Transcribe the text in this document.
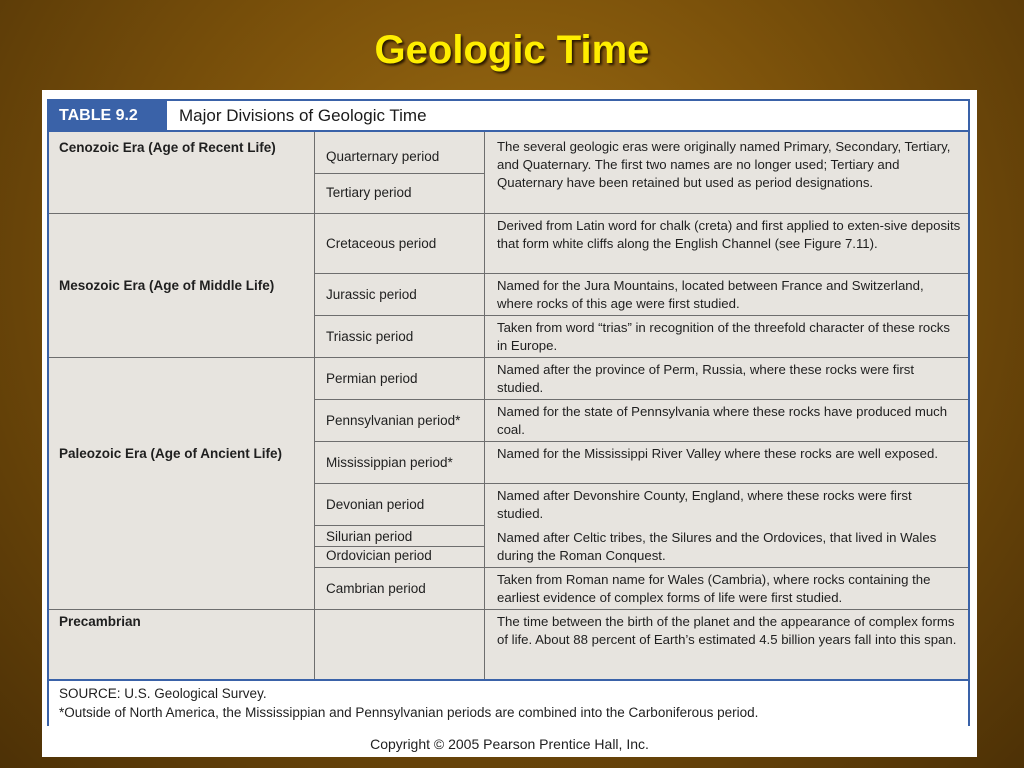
Geologic Time
TABLE 9.2	Major Divisions of Geologic Time
Cenozoic Era (Age of Recent Life)
Mesozoic Era (Age of Middle Life)
Paleozoic Era (Age of Ancient Life)
Precambrian
Quarternary period
Tertiary period
Cretaceous period
Jurassic period
Triassic period
Permian period
Pennsylvanian period*
Mississippian period*
Devonian period
Silurian period
Ordovician period
Cambrian period
The several geologic eras were originally named Primary, Secondary, Tertiary, and Quaternary. The first two names are no longer used; Tertiary and Quaternary have been retained but used as period designations.
Derived from Latin word for chalk (creta) and first applied to exten-sive deposits that form white cliffs along the English Channel (see Figure 7.11).
Named for the Jura Mountains, located between France and Switzerland, where rocks of this age were first studied.
Taken from word “trias” in recognition of the threefold character of these rocks in Europe.
Named after the province of Perm, Russia, where these rocks were first studied.
Named for the state of Pennsylvania where these rocks have produced much coal.
Named for the Mississippi River Valley where these rocks are well exposed.
Named after Devonshire County, England, where these rocks were first studied.
Named after Celtic tribes, the Silures and the Ordovices, that lived in Wales during the Roman Conquest.
Taken from Roman name for Wales (Cambria), where rocks containing the earliest evidence of complex forms of life were first studied.
The time between the birth of the planet and the appearance of complex forms of life. About 88 percent of Earth’s estimated 4.5 billion years fall into this span.
SOURCE: U.S. Geological Survey.
*Outside of North America, the Mississippian and Pennsylvanian periods are combined into the Carboniferous period.
Copyright © 2005 Pearson Prentice Hall, Inc.
